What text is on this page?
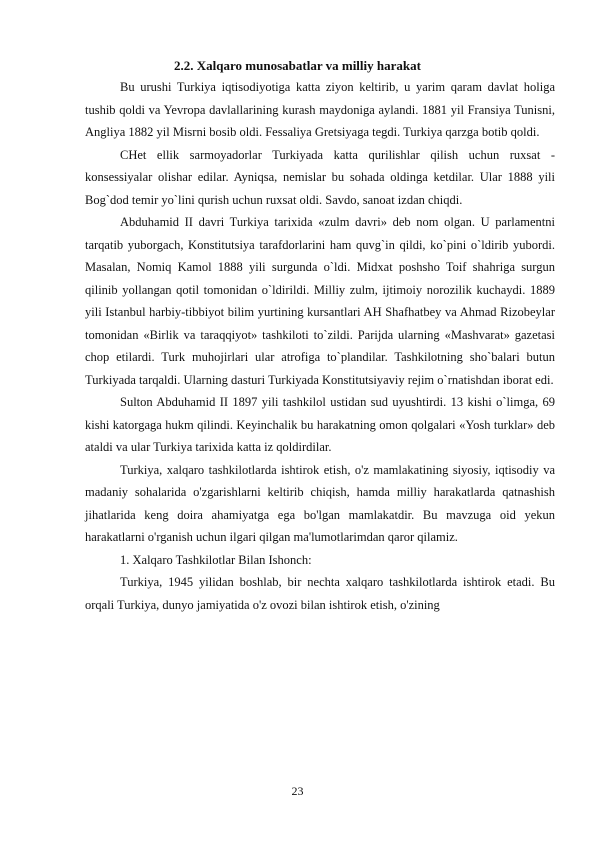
2.2. Xalqaro munosabatlar va milliy harakat

Bu urushi Turkiya iqtisodiyotiga katta ziyon keltirib, u yarim qaram davlat holiga tushib qoldi va Yevropa davlallarining kurash maydoniga aylandi. 1881 yil Fransiya Tunisni, Angliya 1882 yil Misrni bosib oldi. Fessaliya Gretsiyaga tegdi. Turkiya qarzga botib qoldi.

CHet ellik sarmoyadorlar Turkiyada katta qurilishlar qilish uchun ruxsat -konsessiyalar olishar edilar. Ayniqsa, nemislar bu sohada oldinga ketdilar. Ular 1888 yili Bog`dod temir yo`lini qurish uchun ruxsat oldi. Savdo, sanoat izdan chiqdi.

Abduhamid II davri Turkiya tarixida «zulm davri» deb nom olgan. U parlamentni tarqatib yuborgach, Konstitutsiya tarafdorlarini ham quvg`in qildi, ko`pini o`ldirib yubordi. Masalan, Nomiq Kamol 1888 yili surgunda o`ldi. Midxat poshsho Toif shahriga surgun qilinib yollangan qotil tomonidan o`ldirildi. Milliy zulm, ijtimoiy norozilik kuchaydi. 1889 yili Istanbul harbiy-tibbiyot bilim yurtining kursantlari AH Shafhatbey va Ahmad Rizobeylar tomonidan «Birlik va taraqqiyot» tashkiloti to`zildi. Parijda ularning «Mashvarat» gazetasi chop etilardi. Turk muhojirlari ular atrofiga to`plandilar. Tashkilotning sho`balari butun Turkiyada tarqaldi. Ularning dasturi Turkiyada Konstitutsiyaviy rejim o`rnatishdan iborat edi.

Sulton Abduhamid II 1897 yili tashkilol ustidan sud uyushtirdi. 13 kishi o`limga, 69 kishi katorgaga hukm qilindi. Keyinchalik bu harakatning omon qolgalari «Yosh turklar» deb ataldi va ular Turkiya tarixida katta iz qoldirdilar.

Turkiya, xalqaro tashkilotlarda ishtirok etish, o'z mamlakatining siyosiy, iqtisodiy va madaniy sohalarida o'zgarishlarni keltirib chiqish, hamda milliy harakatlarda qatnashish jihatlarida keng doira ahamiyatga ega bo'lgan mamlakatdir. Bu mavzuga oid yekun harakatlarni o'rganish uchun ilgari qilgan ma'lumotlarimdan qaror qilamiz.

1. Xalqaro Tashkilotlar Bilan Ishonch:

Turkiya, 1945 yilidan boshlab, bir nechta xalqaro tashkilotlarda ishtirok etadi. Bu orqali Turkiya, dunyo jamiyatida o'z ovozi bilan ishtirok etish, o'zining

23
